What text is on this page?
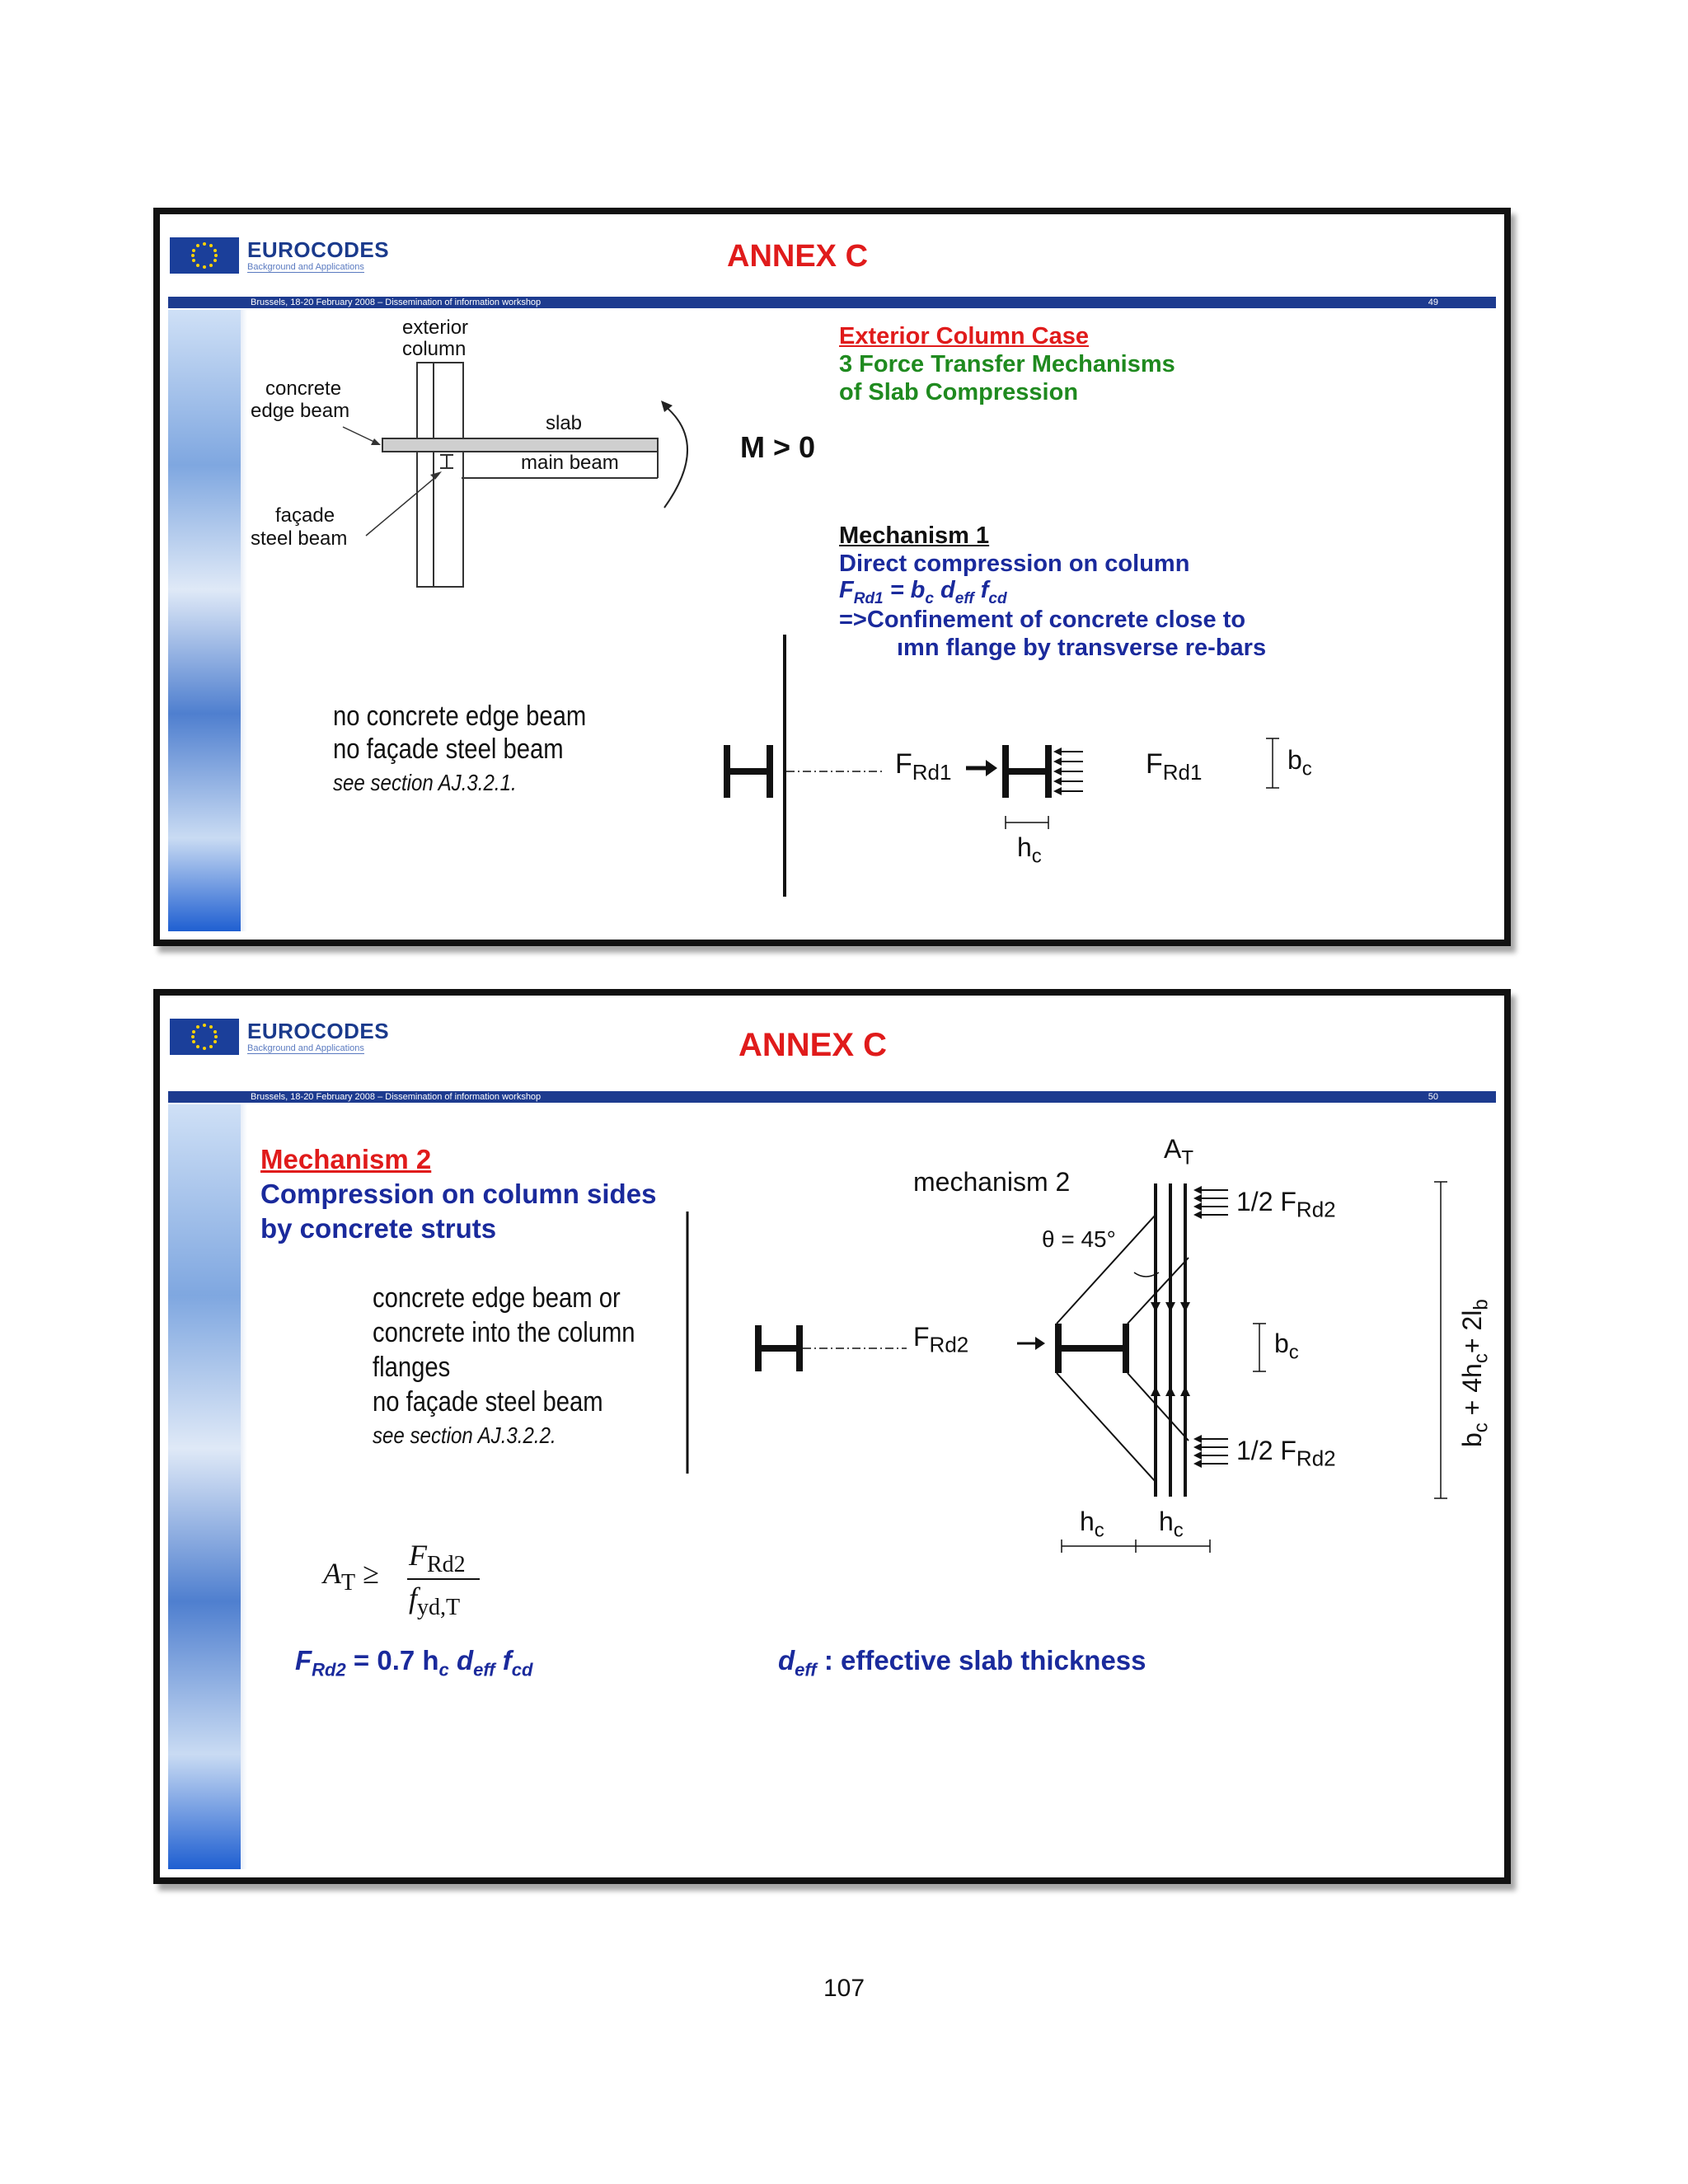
EUROCODES
Background and Applications	ANNEX C
Brussels, 18-20 February 2008 – Dissemination of information workshop	49
exterior
column
concrete
edge beam
slab
main beam
façade
steel beam
M > 0
Exterior Column Case
3 Force Transfer Mechanisms
of Slab Compression
Mechanism 1
Direct compression on column
$F_{Rd1} = b_c$ $d_{eff}$ $f_{cd}$
=>Confinement of concrete close to
ımn flange by transverse re-bars
no concrete edge beam
no façade steel beam
see section AJ.3.2.1.
$F_{Rd1}$	$F_{Rd1}$	$b_c$
$h_c$
EUROCODES
Background and Applications	ANNEX C
Brussels, 18-20 February 2008 – Dissemination of information workshop	50
Mechanism 2
Compression on column sides
by concrete struts
concrete edge beam or
concrete into the column
flanges
no façade steel beam
see section AJ.3.2.2.
mechanism 2
$A_T$
θ = 45°
1/2 $F_{Rd2}$
1/2 $F_{Rd2}$
$F_{Rd2}$	$b_c$
$h_c$ $h_c$
$b_c + 4h_c+ 2l_b$
$A_T$ ≥
$F_{Rd2}$
$f_{yd,T}$
$F_{Rd2} = 0.7$ $h_c$ $d_{eff}$ $f_{cd}$	$d_{eff}$ : effective slab thickness
107
